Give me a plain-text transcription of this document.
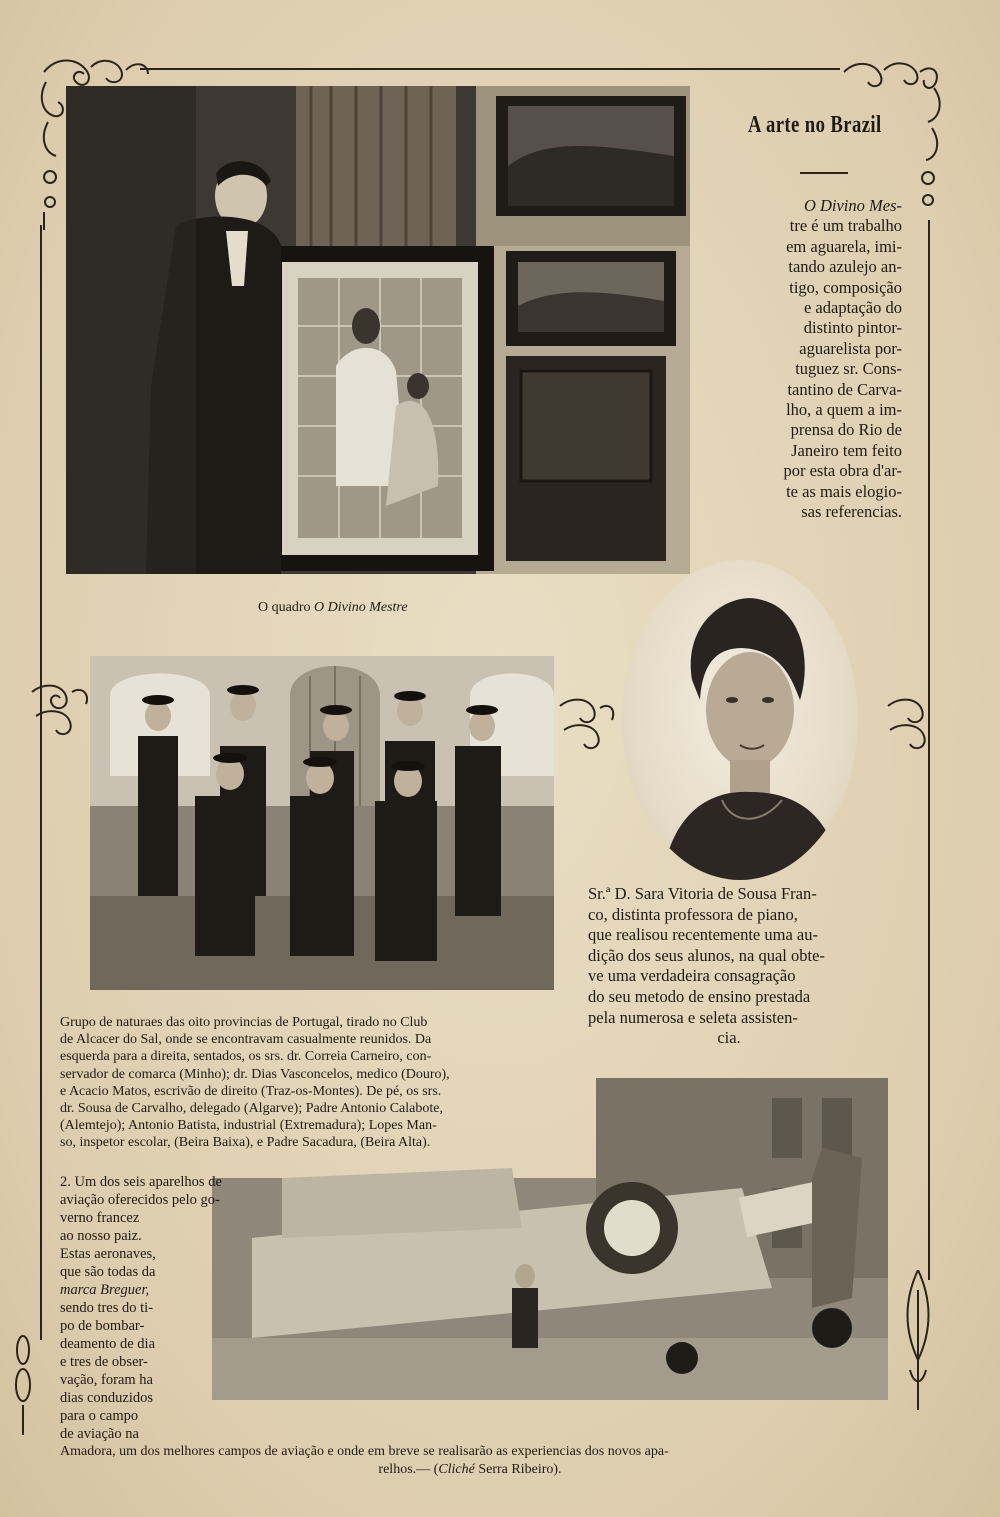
A arte no Brazil
O Divino Mes-
tre é um trabalho
em aguarela, imi-
tando azulejo an-
tigo, composição
e adaptação do
distinto pintor-
aguarelista por-
tuguez sr. Cons-
tantino de Carva-
lho, a quem a im-
prensa do Rio de
Janeiro tem feito
por esta obra d'ar-
te as mais elogio-
sas referencias.
O quadro O Divino Mestre
Sr.ª D. Sara Vitoria de Sousa Fran-
co, distinta professora de piano,
que realisou recentemente uma au-
dição dos seus alunos, na qual obte-
ve uma verdadeira consagração
do seu metodo de ensino prestada
pela numerosa e seleta assisten-
cia.
Grupo de naturaes das oito provincias de Portugal, tirado no Club
de Alcacer do Sal, onde se encontravam casualmente reunidos. Da
esquerda para a direita, sentados, os srs. dr. Correia Carneiro, con-
servador de comarca (Minho); dr. Dias Vasconcelos, medico (Douro),
e Acacio Matos, escrivão de direito (Traz-os-Montes). De pé, os srs.
dr. Sousa de Carvalho, delegado (Algarve); Padre Antonio Calabote,
(Alemtejo); Antonio Batista, industrial (Extremadura); Lopes Man-
so, inspetor escolar, (Beira Baixa), e Padre Sacadura, (Beira Alta).
2. Um dos seis aparelhos de
aviação oferecidos pelo go-
verno francez
ao nosso paiz.
Estas aeronaves,
que são todas da
marca Breguer,
sendo tres do ti-
po de bombar-
deamento de dia
e tres de obser-
vação, foram ha
dias conduzidos
para o campo
de aviação na
Amadora, um dos melhores campos de aviação e onde em breve se realisarão as experiencias dos novos apa-
relhos.— (Cliché Serra Ribeiro).
